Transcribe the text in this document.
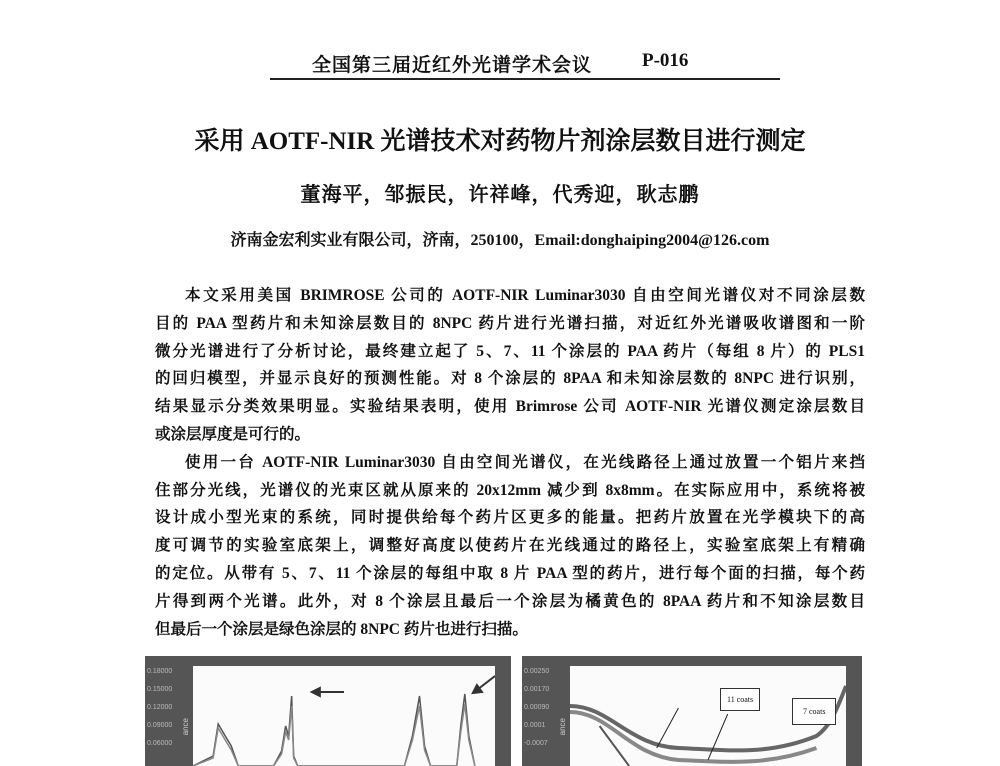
全国第三届近红外光谱学术会议	P-016
采用 AOTF-NIR 光谱技术对药物片剂涂层数目进行测定
董海平，邹振民，许祥峰，代秀迎，耿志鹏
济南金宏利实业有限公司，济南，250100，Email:donghaiping2004@126.com
本文采用美国 BRIMROSE 公司的 AOTF-NIR Luminar3030 自由空间光谱仪对不同涂层数
目的 PAA 型药片和未知涂层数目的 8NPC 药片进行光谱扫描，对近红外光谱吸收谱图和一阶
微分光谱进行了分析讨论，最终建立起了 5、7、11 个涂层的 PAA 药片（每组 8 片）的 PLS1
的回归模型，并显示良好的预测性能。对 8 个涂层的 8PAA 和未知涂层数的 8NPC 进行识别，
结果显示分类效果明显。实验结果表明，使用 Brimrose 公司 AOTF-NIR 光谱仪测定涂层数目
或涂层厚度是可行的。
使用一台 AOTF-NIR Luminar3030 自由空间光谱仪，在光线路径上通过放置一个铝片来挡
住部分光线，光谱仪的光束区就从原来的 20x12mm 减少到 8x8mm。在实际应用中，系统将被
设计成小型光束的系统，同时提供给每个药片区更多的能量。把药片放置在光学模块下的高
度可调节的实验室底架上，调整好高度以使药片在光线通过的路径上，实验室底架上有精确
的定位。从带有 5、7、11 个涂层的每组中取 8 片 PAA 型的药片，进行每个面的扫描，每个药
片得到两个光谱。此外，对 8 个涂层且最后一个涂层为橘黄色的 8PAA 药片和不知涂层数目
但最后一个涂层是绿色涂层的 8NPC 药片也进行扫描。
0.18000
0.15000
0.12000
0.09000
0.06000
ance
0.00250
0.00170
0.00090
0.0001
-0.0007
ance
11 coats
7 coats
